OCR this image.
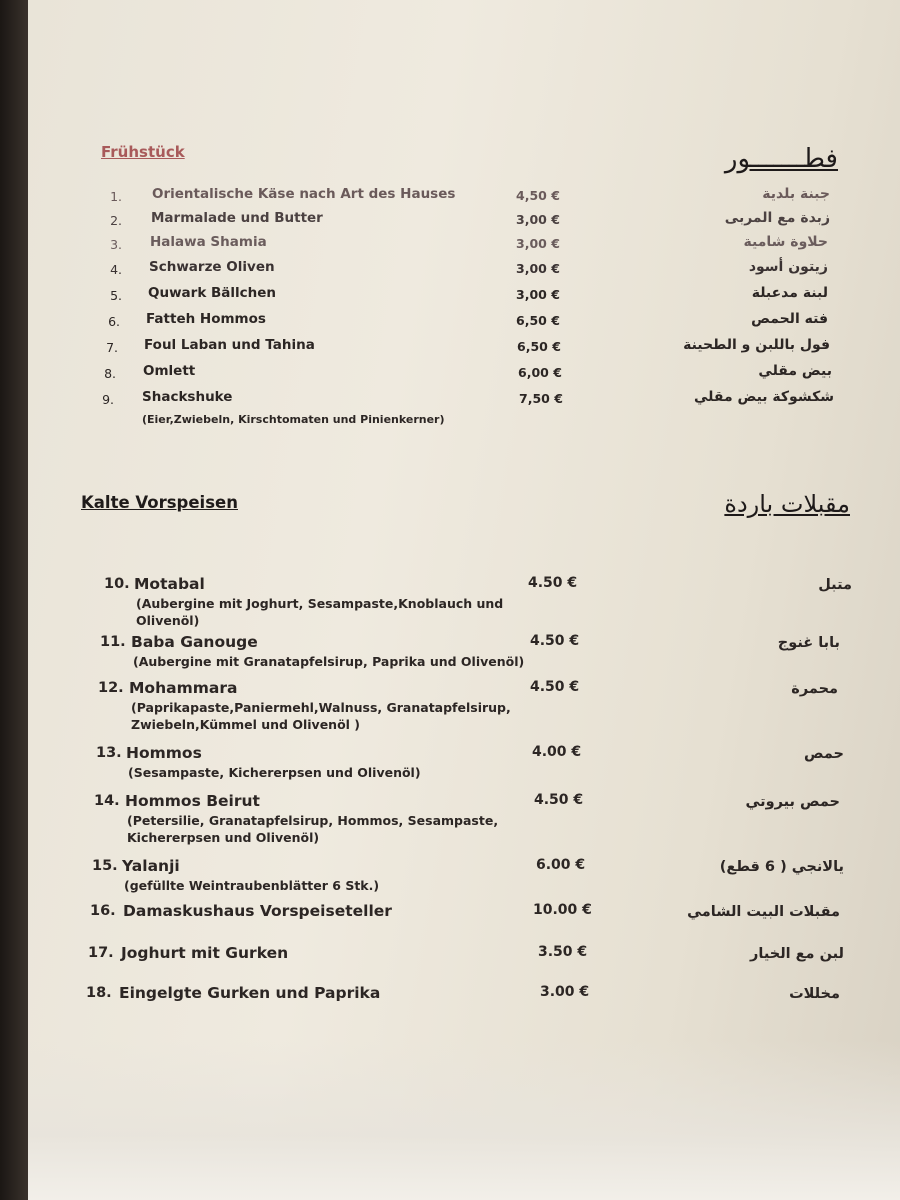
Frühstück	فطـــــــور
1. Orientalische Käse nach Art des Hauses	4,50 €	جبنة بلدية
2. Marmalade und Butter	3,00 €	زبدة مع المربى
3. Halawa Shamia	3,00 €	حلاوة شامية
4. Schwarze Oliven	3,00 €	زيتون أسود
5. Quwark Bällchen	3,00 €	لبنة مدعبلة
6. Fatteh Hommos	6,50 €	فته الحمص
7. Foul Laban und Tahina	6,50 €	فول باللبن و الطحينة
8. Omlett	6,00 €	بيض مقلي
9. Shackshuke	7,50 €	شكشوكة بيض مقلي
(Eier,Zwiebeln, Kirschtomaten und Pinienkerner)
Kalte Vorspeisen	مقبلات باردة
10. Motabal	4.50 €	متبل
(Aubergine mit Joghurt, Sesampaste,Knoblauch und
Olivenöl)
11. Baba Ganouge	4.50 €	بابا غنوج
(Aubergine mit Granatapfelsirup, Paprika und Olivenöl)
12. Mohammara	4.50 €	محمرة
(Paprikapaste,Paniermehl,Walnuss, Granatapfelsirup,
Zwiebeln,Kümmel und Olivenöl )
13. Hommos	4.00 €	حمص
(Sesampaste, Kichererpsen und Olivenöl)
14. Hommos Beirut	4.50 €	حمص بيروتي
(Petersilie, Granatapfelsirup, Hommos, Sesampaste,
Kichererpsen und Olivenöl)
15. Yalanji	6.00 €	يالانجي ( 6 قطع)
(gefüllte Weintraubenblätter 6 Stk.)
16. Damaskushaus Vorspeiseteller	10.00 €	مقبلات البيت الشامي
17. Joghurt mit Gurken	3.50 €	لبن مع الخيار
18. Eingelgte Gurken und Paprika	3.00 €	مخللات
